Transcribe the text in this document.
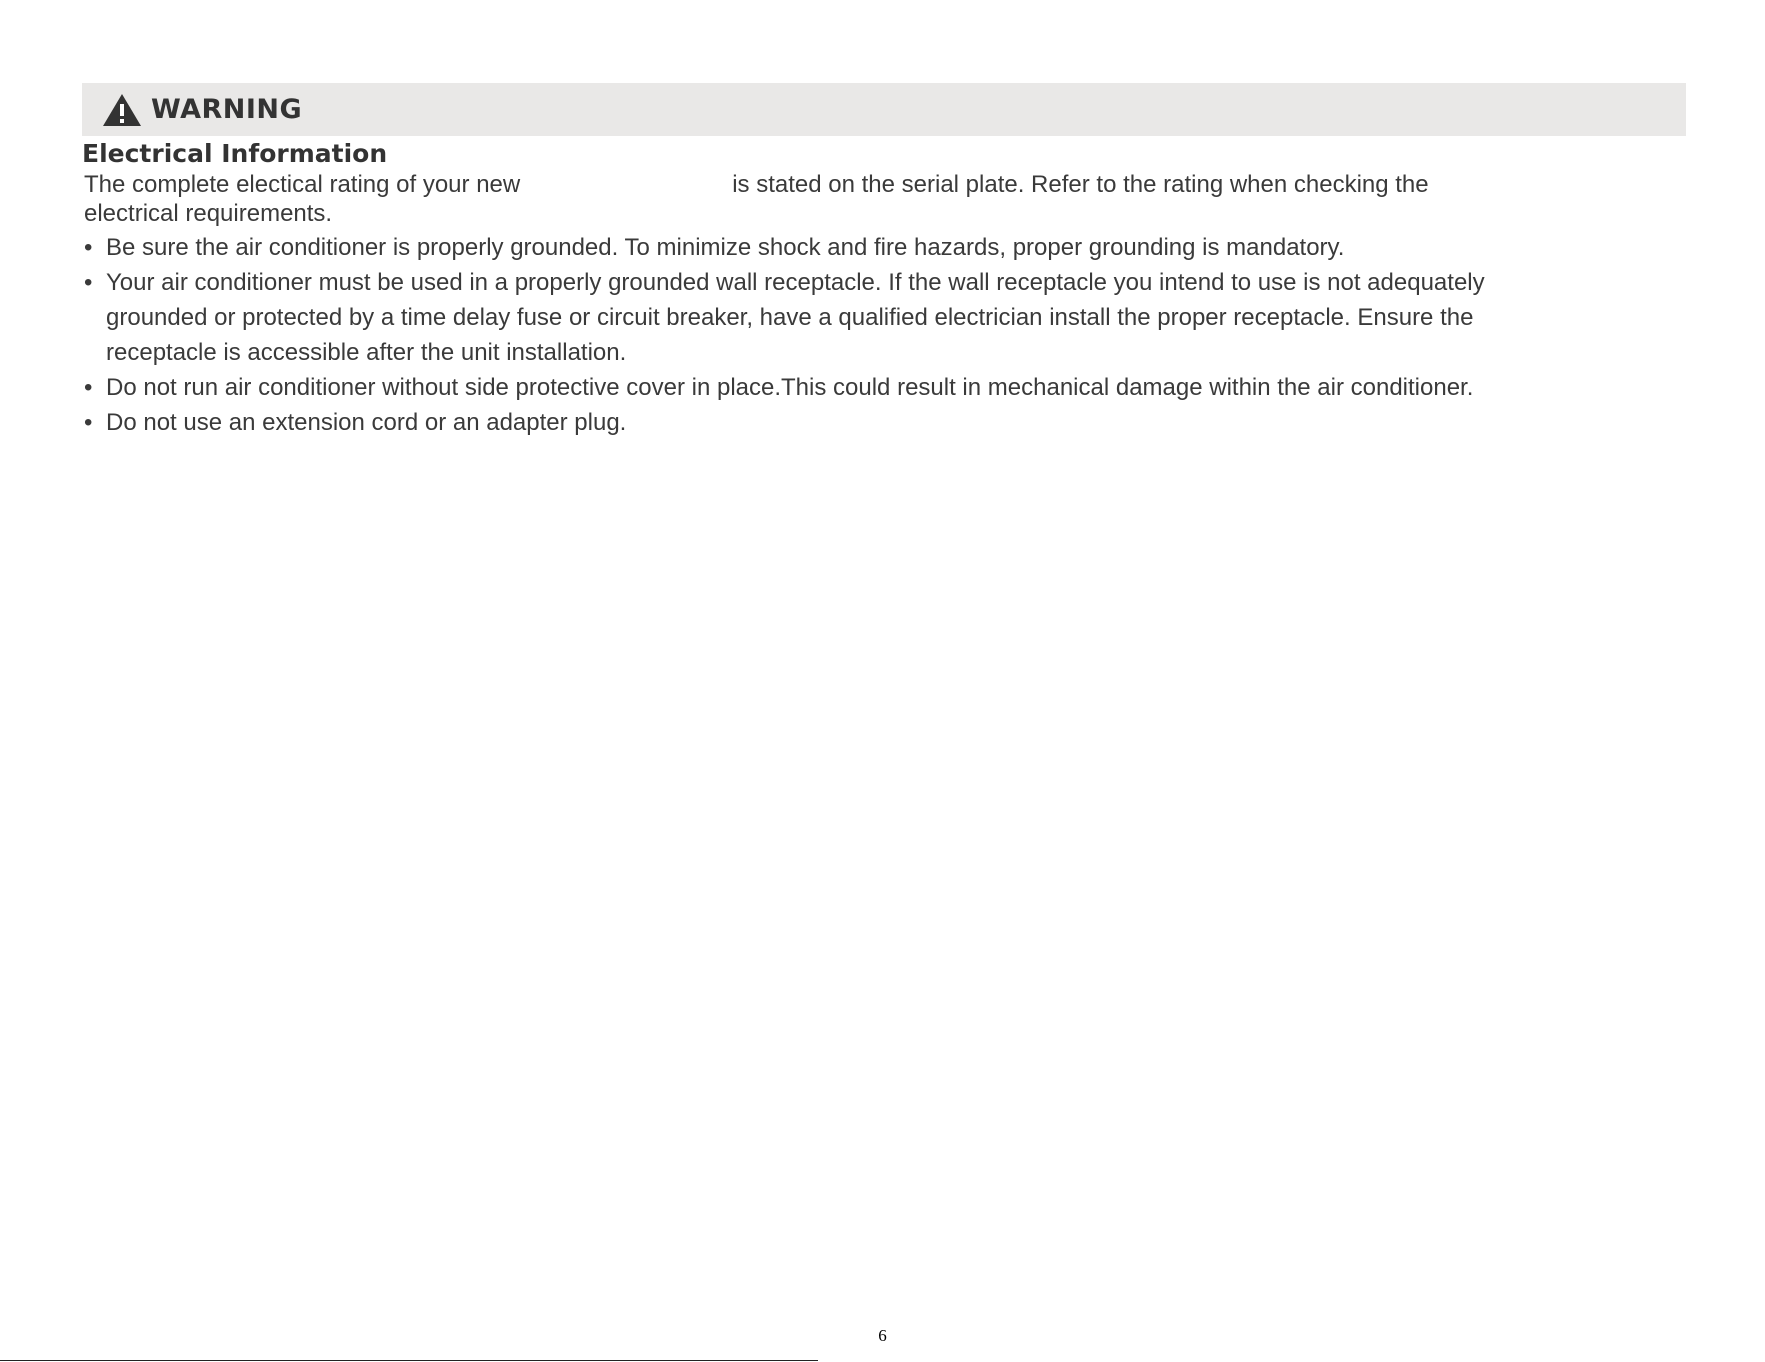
WARNING
Electrical Information

The complete electical rating of your new	is stated on the serial plate. Refer to the rating when checking the
electrical requirements.

• Be sure the air conditioner is properly grounded. To minimize shock and fire hazards, proper grounding is mandatory.
• Your air conditioner must be used in a properly grounded wall receptacle. If the wall receptacle you intend to use is not adequately
grounded or protected by a time delay fuse or circuit breaker, have a qualified electrician install the proper receptacle. Ensure the
receptacle is accessible after the unit installation.
• Do not run air conditioner without side protective cover in place.This could result in mechanical damage within the air conditioner.
• Do not use an extension cord or an adapter plug.
6
